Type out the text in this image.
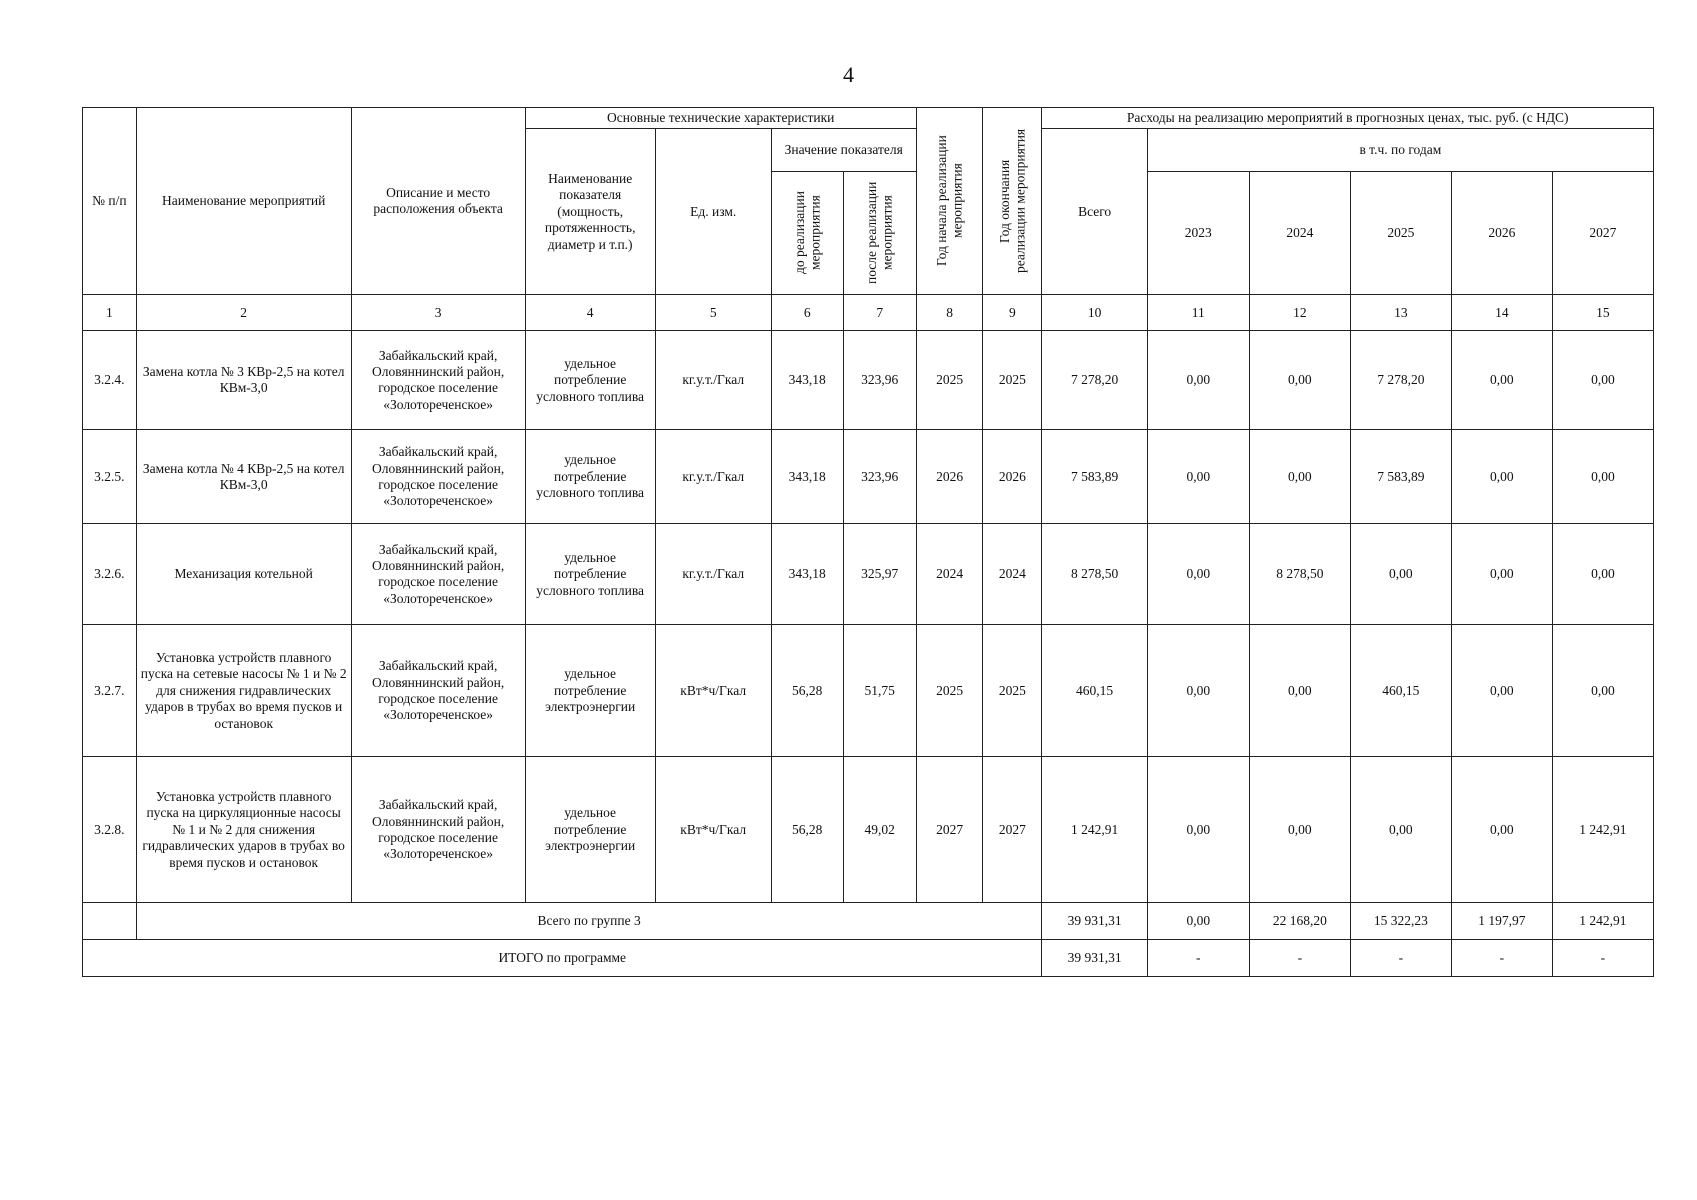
4
№ п/п	Наименование мероприятий	Описание и место расположения объекта	Основные технические характеристики				Год начала реализации мероприятия	Год окончания реализации мероприятия	Расходы на реализацию мероприятий в прогнозных ценах, тыс. руб. (с НДС)					
			Наименование показателя (мощность, протяженность, диаметр и т.п.)	Ед. изм.	Значение показателя				Всего	в т.ч. по годам				

					до реализации мероприятия	после реализации мероприятия				2023	2024	2025	2026	2027
1	2	3	4	5	6	7	8	9	10	11	12	13	14	15
3.2.4.	Замена котла № 3 КВр-2,5 на котел КВм-3,0	Забайкальский край, Оловяннинский район, городское поселение «Золотореченское»	удельное потребление условного топлива	кг.у.т./Гкал	343,18	323,96	2025	2025	7 278,20	0,00	0,00	7 278,20	0,00	0,00
3.2.5.	Замена котла № 4 КВр-2,5 на котел КВм-3,0	Забайкальский край, Оловяннинский район, городское поселение «Золотореченское»	удельное потребление условного топлива	кг.у.т./Гкал	343,18	323,96	2026	2026	7 583,89	0,00	0,00	7 583,89	0,00	0,00
3.2.6.	Механизация котельной	Забайкальский край, Оловяннинский район, городское поселение «Золотореченское»	удельное потребление условного топлива	кг.у.т./Гкал	343,18	325,97	2024	2024	8 278,50	0,00	8 278,50	0,00	0,00	0,00
3.2.7.	Установка устройств плавного пуска на сетевые насосы № 1 и № 2 для снижения гидравлических ударов в трубах во время пусков и остановок	Забайкальский край, Оловяннинский район, городское поселение «Золотореченское»	удельное потребление электроэнергии	кВт*ч/Гкал	56,28	51,75	2025	2025	460,15	0,00	0,00	460,15	0,00	0,00
3.2.8.	Установка устройств плавного пуска на циркуляционные насосы № 1 и № 2 для снижения гидравлических ударов в трубах во время пусков и остановок	Забайкальский край, Оловяннинский район, городское поселение «Золотореченское»	удельное потребление электроэнергии	кВт*ч/Гкал	56,28	49,02	2027	2027	1 242,91	0,00	0,00	0,00	0,00	1 242,91
	Всего по группе 3								39 931,31	0,00	22 168,20	15 322,23	1 197,97	1 242,91
ИТОГО по программе									39 931,31	-	-	-	-	-
